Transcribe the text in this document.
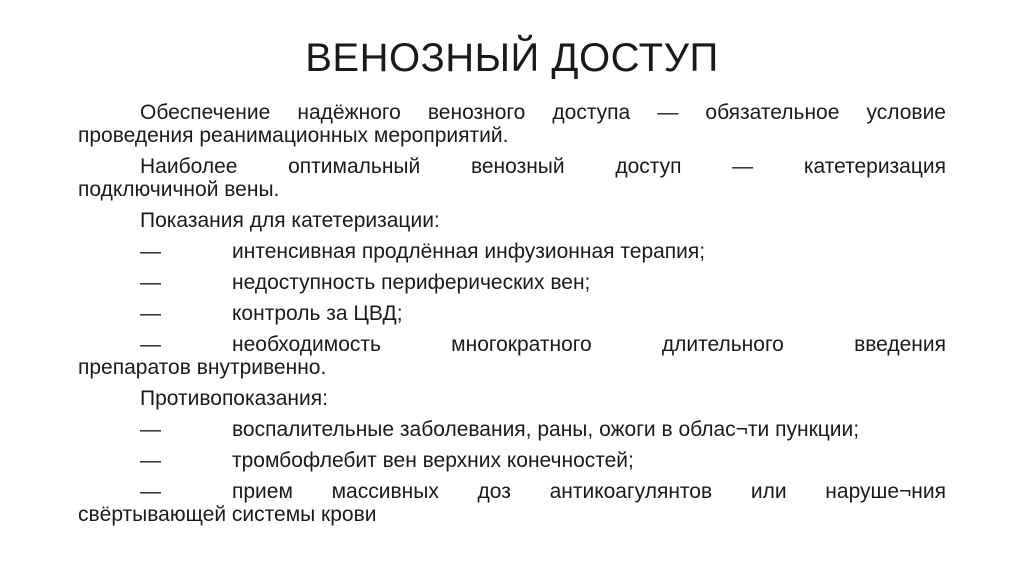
ВЕНОЗНЫЙ ДОСТУП
Обеспечение надёжного венозного доступа — обязательное условие
проведения реанимационных мероприятий.
Наиболее оптимальный венозный доступ — катетеризация
подключичной вены.
Показания для катетеризации:
—	интенсивная продлённая инфузионная терапия;
—	недоступность периферических вен;
—	контроль за ЦВД;
—	необходимость многократного длительного введения
препаратов внутривенно.
Противопоказания:
—	воспалительные заболевания, раны, ожоги в облас¬ти пункции;
—	тромбофлебит вен верхних конечностей;
—	прием массивных доз антикоагулянтов или наруше¬ния
свёртывающей системы крови
